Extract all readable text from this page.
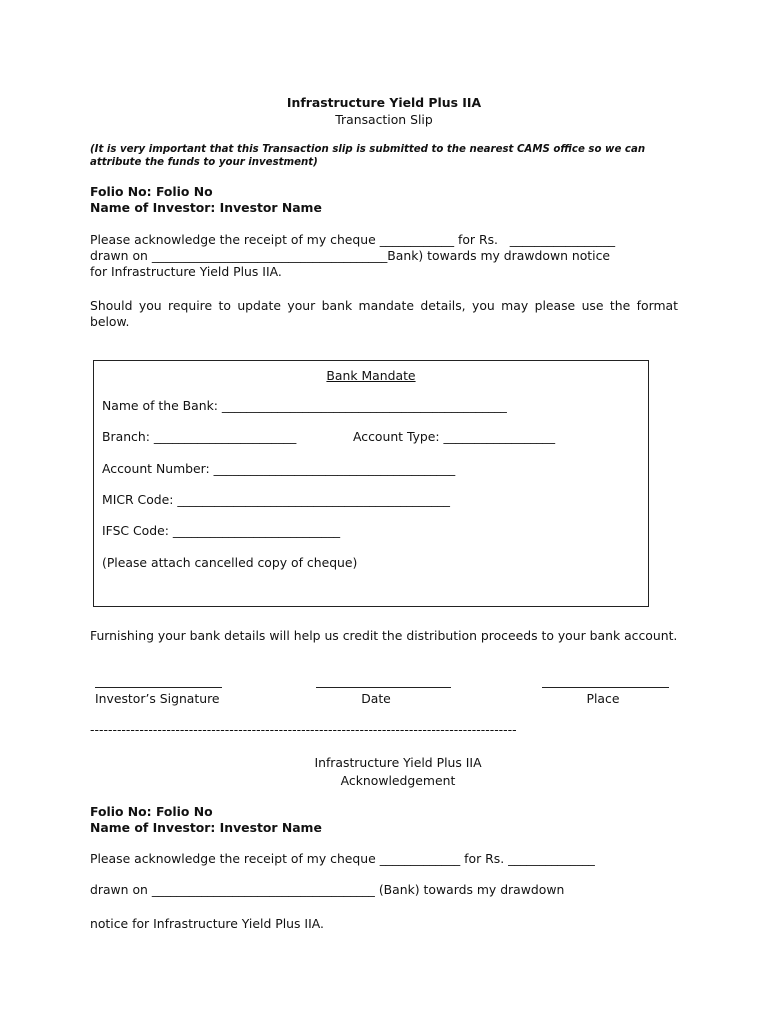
Infrastructure Yield Plus IIA
Transaction Slip
(It is very important that this Transaction slip is submitted to the nearest CAMS office so we can
attribute the funds to your investment)
Folio No: Folio No
Name of Investor: Investor Name
Please acknowledge the receipt of my cheque ____________ for Rs.   _________________
drawn on ______________________________________Bank) towards my drawdown notice
for Infrastructure Yield Plus IIA.
Should you require to update your bank mandate details, you may please use the format below.
Bank Mandate
Name of the Bank: ______________________________________________
Branch: _______________________	Account Type: __________________
Account Number: _______________________________________
MICR Code: ____________________________________________
IFSC Code: ___________________________
(Please attach cancelled copy of cheque)
Furnishing your bank details will help us credit the distribution proceeds to your bank account.
Investor’s Signature	Date	Place
-----------------------------------------------------------------------------------------------
Infrastructure Yield Plus IIA
Acknowledgement
Folio No: Folio No
Name of Investor: Investor Name
Please acknowledge the receipt of my cheque _____________ for Rs. ______________
drawn on ____________________________________ (Bank) towards my drawdown
notice for Infrastructure Yield Plus IIA.
